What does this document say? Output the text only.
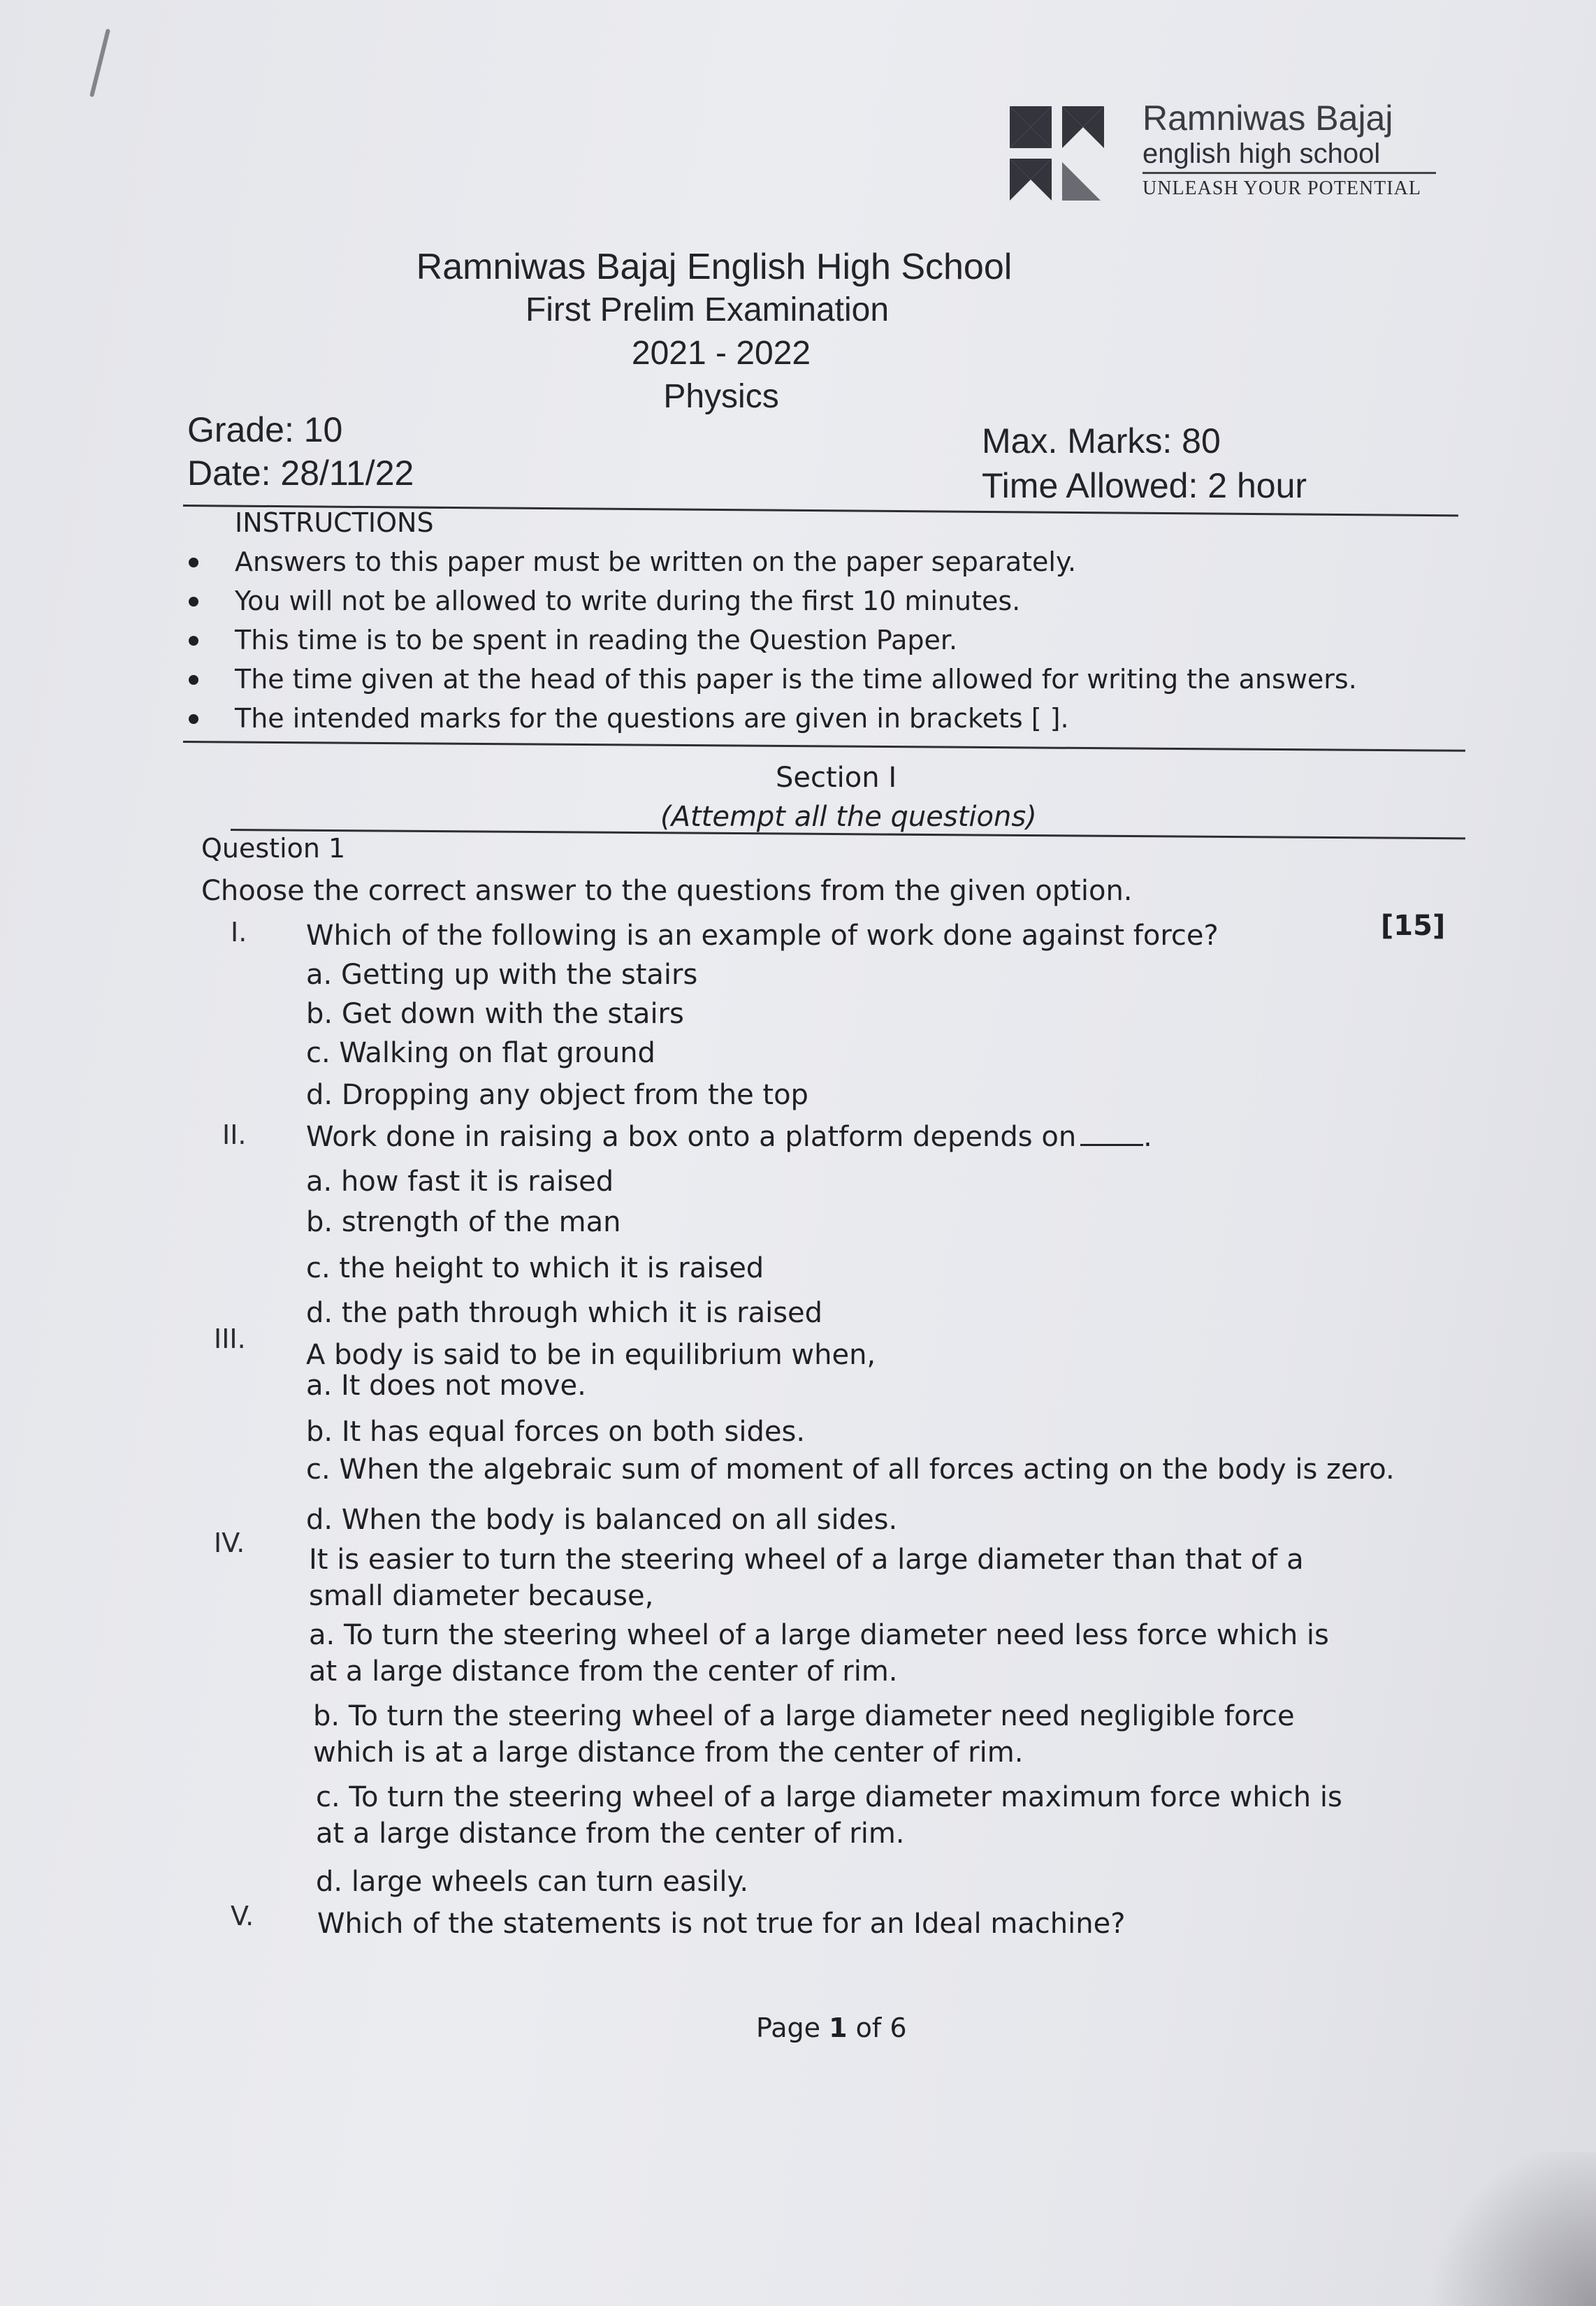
Ramniwas Bajaj
english high school
UNLEASH YOUR POTENTIAL
Ramniwas Bajaj English High School
First Prelim Examination
2021 - 2022
Physics
Grade: 10
Date: 28/11/22
Max. Marks: 80
Time Allowed: 2 hour
INSTRUCTIONS
Answers to this paper must be written on the paper separately.
You will not be allowed to write during the first 10 minutes.
This time is to be spent in reading the Question Paper.
The time given at the head of this paper is the time allowed for writing the answers.
The intended marks for the questions are given in brackets [ ].
Section I
(Attempt all the questions)
Question 1
Choose the correct answer to the questions from the given option.
[15]
I. Which of the following is an example of work done against force?
a. Getting up with the stairs
b. Get down with the stairs
c. Walking on flat ground
d. Dropping any object from the top
II. Work done in raising a box onto a platform depends on .
a. how fast it is raised
b. strength of the man
c. the height to which it is raised
d. the path through which it is raised
III. A body is said to be in equilibrium when,
a. It does not move.
b. It has equal forces on both sides.
c. When the algebraic sum of moment of all forces acting on the body is zero.
d. When the body is balanced on all sides.
IV.
It is easier to turn the steering wheel of a large diameter than that of a small diameter because,
a. To turn the steering wheel of a large diameter need less force which is at a large distance from the center of rim.
b. To turn the steering wheel of a large diameter need negligible force which is at a large distance from the center of rim.
c. To turn the steering wheel of a large diameter maximum force which is at a large distance from the center of rim.
d. large wheels can turn easily.
V. Which of the statements is not true for an Ideal machine?
Page 1 of 6
